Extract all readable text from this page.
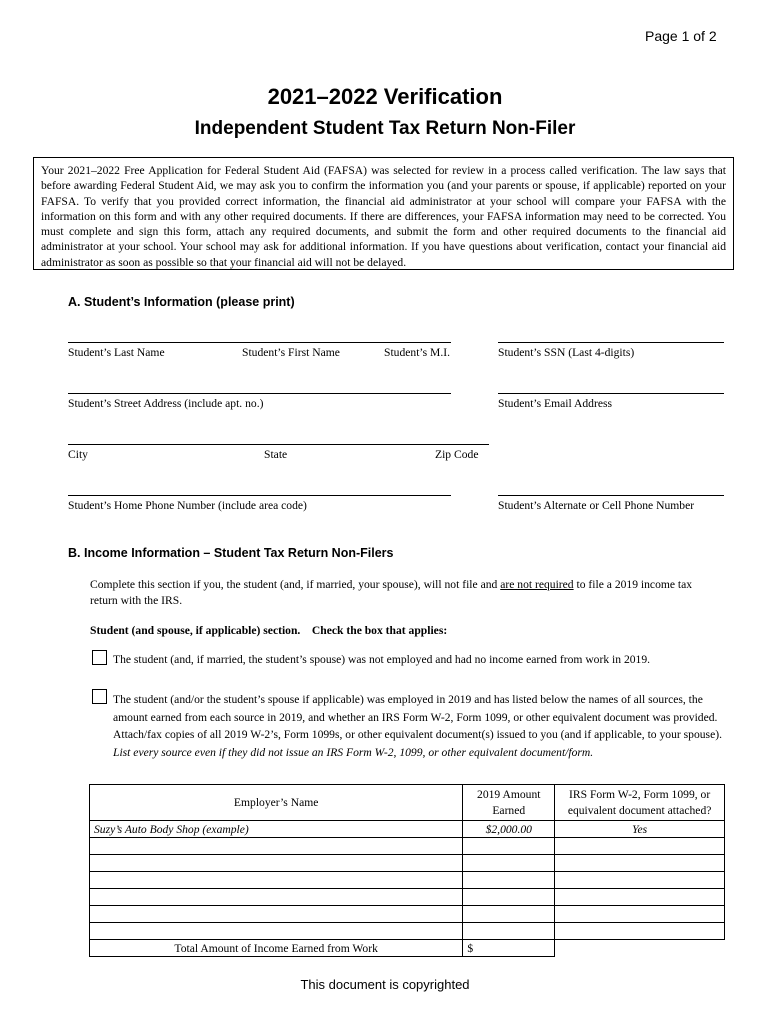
Page 1 of 2
2021–2022 Verification
Independent Student Tax Return Non-Filer
Your 2021–2022 Free Application for Federal Student Aid (FAFSA) was selected for review in a process called verification. The law says that before awarding Federal Student Aid, we may ask you to confirm the information you (and your parents or spouse, if applicable) reported on your FAFSA. To verify that you provided correct information, the financial aid administrator at your school will compare your FAFSA with the information on this form and with any other required documents. If there are differences, your FAFSA information may need to be corrected. You must complete and sign this form, attach any required documents, and submit the form and other required documents to the financial aid administrator at your school. Your school may ask for additional information. If you have questions about verification, contact your financial aid administrator as soon as possible so that your financial aid will not be delayed.
A. Student’s Information (please print)
Student’s Last Name	Student’s First Name	Student’s M.I.	Student’s SSN (Last 4-digits)
Student’s Street Address (include apt. no.)	Student’s Email Address
City	State	Zip Code
Student’s Home Phone Number (include area code)	Student’s Alternate or Cell Phone Number
B. Income Information – Student Tax Return Non-Filers
Complete this section if you, the student (and, if married, your spouse), will not file and are not required to file a 2019 income tax return with the IRS.
Student (and spouse, if applicable) section.    Check the box that applies:
The student (and, if married, the student’s spouse) was not employed and had no income earned from work in 2019.
The student (and/or the student’s spouse if applicable) was employed in 2019 and has listed below the names of all sources, the amount earned from each source in 2019, and whether an IRS Form W-2, Form 1099, or other equivalent document was provided. Attach/fax copies of all 2019 W-2’s, Form 1099s, or other equivalent document(s) issued to you (and if applicable, to your spouse). List every source even if they did not issue an IRS Form W-2, 1099, or other equivalent document/form.
Employer’s Name	2019 Amount Earned	IRS Form W-2, Form 1099, or equivalent document attached?
Suzy’s Auto Body Shop (example)	$2,000.00	Yes

Total Amount of Income Earned from Work	$	
This document is copyrighted
